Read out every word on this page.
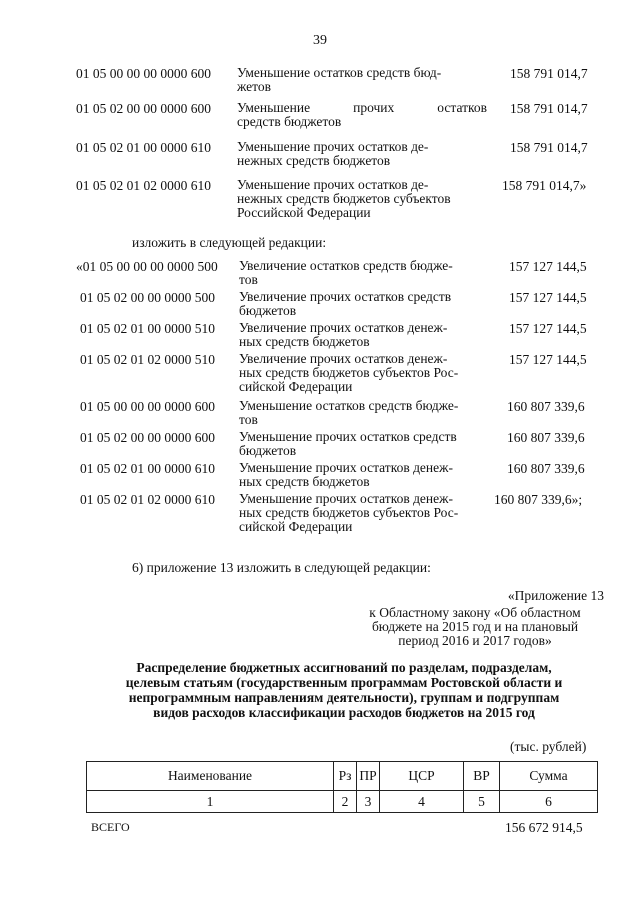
39
01 05 00 00 00 0000 600 Уменьшение остатков средств бюд-
жетов
158 791 014,7
01 05 02 00 00 0000 600 Уменьшение прочих остатков
средств бюджетов
158 791 014,7
01 05 02 01 00 0000 610 Уменьшение прочих остатков де-
нежных средств бюджетов
158 791 014,7
01 05 02 01 02 0000 610 Уменьшение прочих остатков де-
нежных средств бюджетов субъектов
Российской Федерации
158 791 014,7»
изложить в следующей редакции:
«01 05 00 00 00 0000 500 Увеличение остатков средств бюдже-
тов
157 127 144,5
01 05 02 00 00 0000 500 Увеличение прочих остатков средств
бюджетов
157 127 144,5
01 05 02 01 00 0000 510 Увеличение прочих остатков денеж-
ных средств бюджетов
157 127 144,5
01 05 02 01 02 0000 510 Увеличение прочих остатков денеж-
ных средств бюджетов субъектов Рос-
сийской Федерации
157 127 144,5
01 05 00 00 00 0000 600 Уменьшение остатков средств бюдже-
тов
160 807 339,6
01 05 02 00 00 0000 600 Уменьшение прочих остатков средств
бюджетов
160 807 339,6
01 05 02 01 00 0000 610 Уменьшение прочих остатков денеж-
ных средств бюджетов
160 807 339,6
01 05 02 01 02 0000 610 Уменьшение прочих остатков денеж-
ных средств бюджетов субъектов Рос-
сийской Федерации
160 807 339,6»;
6) приложение 13 изложить в следующей редакции:
«Приложение 13
к Областному закону «Об областном
бюджете на 2015 год и на плановый
период 2016 и 2017 годов»
Распределение бюджетных ассигнований по разделам, подразделам,
целевым статьям (государственным программам Ростовской области и
непрограммным направлениям деятельности), группам и подгруппам
видов расходов классификации расходов бюджетов на 2015 год
(тыс. рублей)
Наименование	Рз	ПР	ЦСР	ВР	Сумма
1	2	3	4	5	6
ВСЕГО	156 672 914,5
